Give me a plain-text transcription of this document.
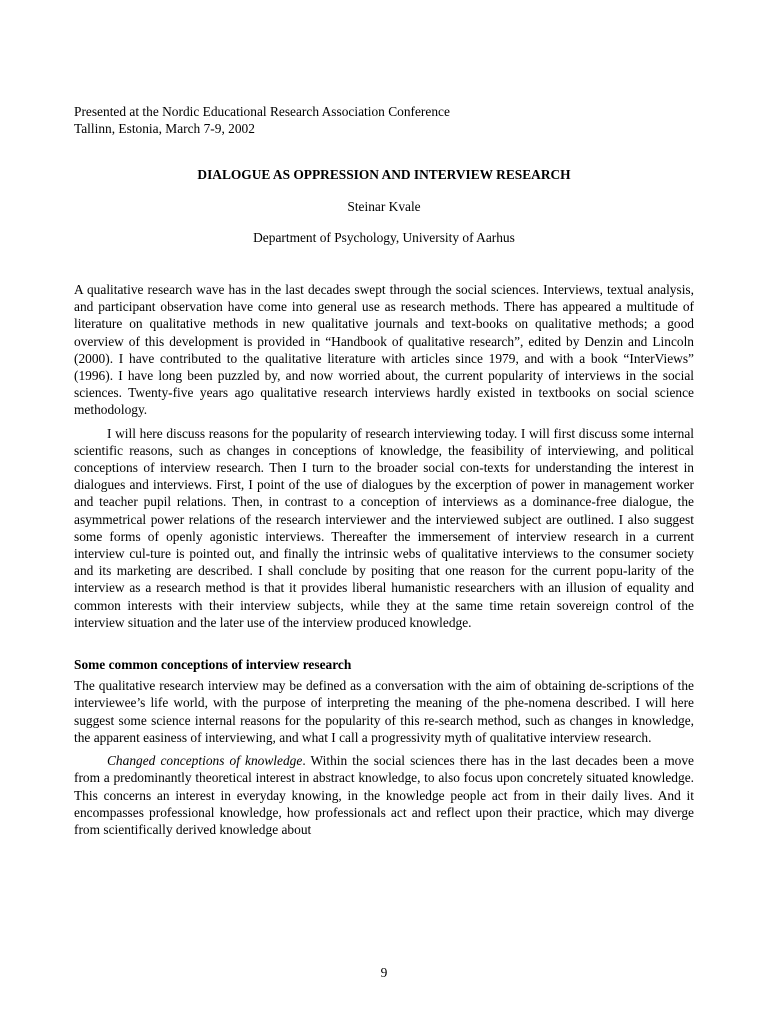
Presented at the Nordic Educational Research Association Conference

Tallinn, Estonia, March 7-9, 2002

DIALOGUE AS OPPRESSION AND INTERVIEW RESEARCH

Steinar Kvale

Department of Psychology, University of Aarhus

A qualitative research wave has in the last decades swept through the social sciences. Interviews, textual analysis, and participant observation have come into general use as research methods. There has appeared a multitude of literature on qualitative methods in new qualitative journals and text-books on qualitative methods; a good overview of this development is provided in “Handbook of qualitative research”, edited by Denzin and Lincoln (2000). I have contributed to the qualitative literature with articles since 1979, and with a book “InterViews” (1996). I have long been puzzled by, and now worried about, the current popularity of interviews in the social sciences. Twenty-five years ago qualitative research interviews hardly existed in textbooks on social science methodology.

I will here discuss reasons for the popularity of research interviewing today. I will first discuss some internal scientific reasons, such as changes in conceptions of knowledge, the feasibility of interviewing, and political conceptions of interview research. Then I turn to the broader social con-texts for understanding the interest in dialogues and interviews. First, I point of the use of dialogues by the excerption of power in management worker and teacher pupil relations. Then, in contrast to a conception of interviews as a dominance-free dialogue, the asymmetrical power relations of the research interviewer and the interviewed subject are outlined. I also suggest some forms of openly agonistic interviews. Thereafter the immersement of interview research in a current interview cul-ture is pointed out, and finally the intrinsic webs of qualitative interviews to the consumer society and its marketing are described. I shall conclude by positing that one reason for the current popu-larity of the interview as a research method is that it provides liberal humanistic researchers with an illusion of equality and common interests with their interview subjects, while they at the same time retain sovereign control of the interview situation and the later use of the interview produced knowledge.

Some common conceptions of interview research

The qualitative research interview may be defined as a conversation with the aim of obtaining de-scriptions of the interviewee’s life world, with the purpose of interpreting the meaning of the phe-nomena described. I will here suggest some science internal reasons for the popularity of this re-search method, such as changes in knowledge, the apparent easiness of interviewing, and what I call a progressivity myth of qualitative interview research.

Changed conceptions of knowledge. Within the social sciences there has in the last decades been a move from a predominantly theoretical interest in abstract knowledge, to also focus upon concretely situated knowledge. This concerns an interest in everyday knowing, in the knowledge people act from in their daily lives. And it encompasses professional knowledge, how professionals act and reflect upon their practice, which may diverge from scientifically derived knowledge about

9
